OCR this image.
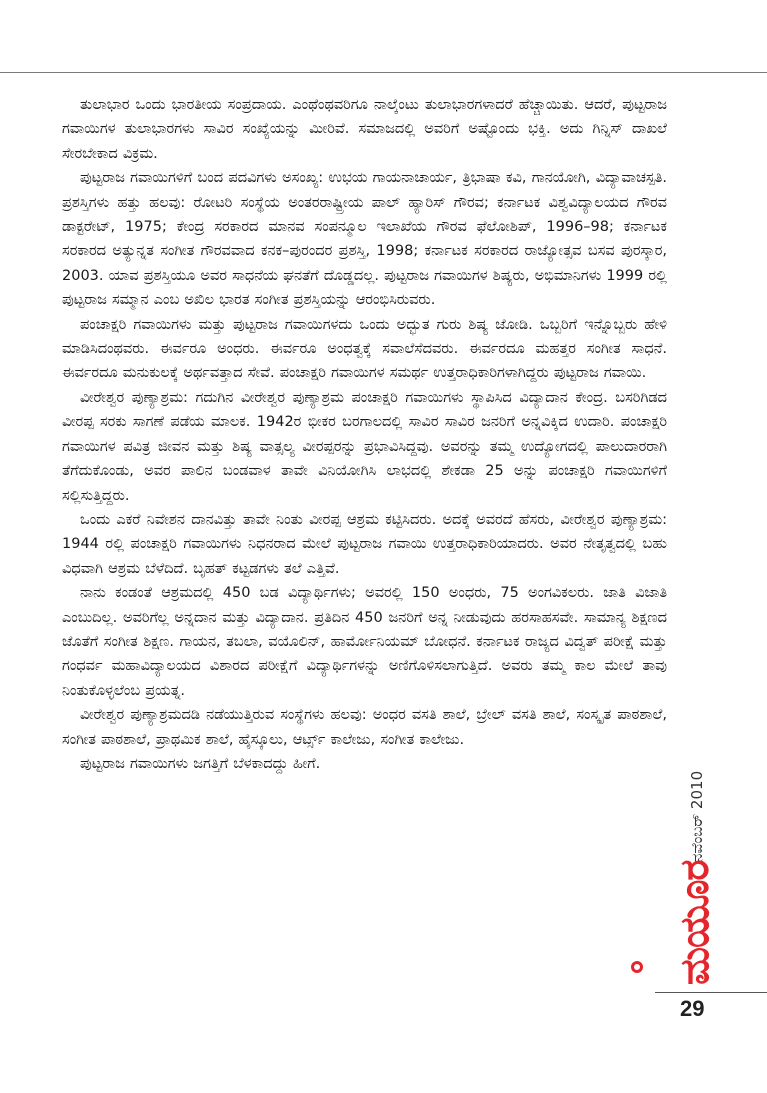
ತುಲಾಭಾರ ಒಂದು ಭಾರತೀಯ ಸಂಪ್ರದಾಯ. ಎಂಥೆಂಥವರಿಗೂ ನಾಲ್ಕೆಂಟು ತುಲಾಭಾರಗಳಾದರೆ ಹೆಚ್ಚಾಯಿತು. ಆದರೆ, ಪುಟ್ಟರಾಜ ಗವಾಯಿಗಳ ತುಲಾಭಾರಗಳು ಸಾವಿರ ಸಂಖ್ಯೆಯನ್ನು ಮೀರಿವೆ. ಸಮಾಜದಲ್ಲಿ ಅವರಿಗೆ ಅಷ್ಟೊಂದು ಭಕ್ತಿ. ಅದು ಗಿನ್ನಿಸ್ ದಾಖಲೆ ಸೇರಬೇಕಾದ ವಿಕ್ರಮ.

ಪುಟ್ಟರಾಜ ಗವಾಯಿಗಳಿಗೆ ಬಂದ ಪದವಿಗಳು ಅಸಂಖ್ಯ: ಉಭಯ ಗಾಯನಾಚಾರ್ಯ, ತ್ರಿಭಾಷಾ ಕವಿ, ಗಾನಯೋಗಿ, ವಿದ್ಯಾವಾಚಸ್ಪತಿ. ಪ್ರಶಸ್ತಿಗಳು ಹತ್ತು ಹಲವು: ರೋಟರಿ ಸಂಸ್ಥೆಯ ಅಂತರರಾಷ್ಟ್ರೀಯ ಪಾಲ್ ಹ್ಯಾರಿಸ್ ಗೌರವ; ಕರ್ನಾಟಕ ವಿಶ್ವವಿದ್ಯಾಲಯದ ಗೌರವ ಡಾಕ್ಟರೇಟ್, 1975; ಕೇಂದ್ರ ಸರಕಾರದ ಮಾನವ ಸಂಪನ್ಮೂಲ ಇಲಾಖೆಯ ಗೌರವ ಫೆಲೋಶಿಪ್, 1996–98; ಕರ್ನಾಟಕ ಸರಕಾರದ ಅತ್ಯುನ್ನತ ಸಂಗೀತ ಗೌರವವಾದ ಕನಕ–ಪುರಂದರ ಪ್ರಶಸ್ತಿ, 1998; ಕರ್ನಾಟಕ ಸರಕಾರದ ರಾಜ್ಯೋತ್ಸವ ಬಸವ ಪುರಸ್ಕಾರ, 2003. ಯಾವ ಪ್ರಶಸ್ತಿಯೂ ಅವರ ಸಾಧನೆಯ ಘನತೆಗೆ ದೊಡ್ಡದಲ್ಲ. ಪುಟ್ಟರಾಜ ಗವಾಯಿಗಳ ಶಿಷ್ಯರು, ಅಭಿಮಾನಿಗಳು 1999 ರಲ್ಲಿ ಪುಟ್ಟರಾಜ ಸಮ್ಮಾನ ಎಂಬ ಅಖಿಲ ಭಾರತ ಸಂಗೀತ ಪ್ರಶಸ್ತಿಯನ್ನು ಆರಂಭಿಸಿರುವರು.

ಪಂಚಾಕ್ಷರಿ ಗವಾಯಿಗಳು ಮತ್ತು ಪುಟ್ಟರಾಜ ಗವಾಯಿಗಳದು ಒಂದು ಅದ್ಭುತ ಗುರು ಶಿಷ್ಯ ಜೋಡಿ. ಒಬ್ಬರಿಗೆ ಇನ್ನೊಬ್ಬರು ಹೇಳಿ ಮಾಡಿಸಿದಂಥವರು. ಈರ್ವರೂ ಅಂಧರು. ಈರ್ವರೂ ಅಂಧತ್ವಕ್ಕೆ ಸವಾಲೆಸೆದವರು. ಈರ್ವರದೂ ಮಹತ್ತರ ಸಂಗೀತ ಸಾಧನೆ. ಈರ್ವರದೂ ಮನುಕುಲಕ್ಕೆ ಅರ್ಥವತ್ತಾದ ಸೇವೆ. ಪಂಚಾಕ್ಷರಿ ಗವಾಯಿಗಳ ಸಮರ್ಥ ಉತ್ತರಾಧಿಕಾರಿಗಳಾಗಿದ್ದರು ಪುಟ್ಟರಾಜ ಗವಾಯಿ.

ವೀರೇಶ್ವರ ಪುಣ್ಯಾಶ್ರಮ: ಗದುಗಿನ ವೀರೇಶ್ವರ ಪುಣ್ಯಾಶ್ರಮ ಪಂಚಾಕ್ಷರಿ ಗವಾಯಿಗಳು ಸ್ಥಾಪಿಸಿದ ವಿದ್ಯಾದಾನ ಕೇಂದ್ರ. ಬಸರಿಗಿಡದ ವೀರಪ್ಪ ಸರಕು ಸಾಗಣೆ ಪಡೆಯ ಮಾಲಕ. 1942ರ ಭೀಕರ ಬರಗಾಲದಲ್ಲಿ ಸಾವಿರ ಸಾವಿರ ಜನರಿಗೆ ಅನ್ನವಿಕ್ಕಿದ ಉದಾರಿ. ಪಂಚಾಕ್ಷರಿ ಗವಾಯಿಗಳ ಪವಿತ್ರ ಜೀವನ ಮತ್ತು ಶಿಷ್ಯ ವಾತ್ಸಲ್ಯ ವೀರಪ್ಪರನ್ನು ಪ್ರಭಾವಿಸಿದ್ದವು. ಅವರನ್ನು ತಮ್ಮ ಉದ್ಯೋಗದಲ್ಲಿ ಪಾಲುದಾರರಾಗಿ ತೆಗೆದುಕೊಂಡು, ಅವರ ಪಾಲಿನ ಬಂಡವಾಳ ತಾವೇ ವಿನಿಯೋಗಿಸಿ ಲಾಭದಲ್ಲಿ ಶೇಕಡಾ 25 ಅನ್ನು ಪಂಚಾಕ್ಷರಿ ಗವಾಯಿಗಳಿಗೆ ಸಲ್ಲಿಸುತ್ತಿದ್ದರು.

ಒಂದು ಎಕರೆ ನಿವೇಶನ ದಾನವಿತ್ತು ತಾವೇ ನಿಂತು ವೀರಪ್ಪ ಆಶ್ರಮ ಕಟ್ಟಿಸಿದರು. ಅದಕ್ಕೆ ಅವರದೆ ಹೆಸರು, ವೀರೇಶ್ವರ ಪುಣ್ಯಾಶ್ರಮ: 1944 ರಲ್ಲಿ ಪಂಚಾಕ್ಷರಿ ಗವಾಯಿಗಳು ನಿಧನರಾದ ಮೇಲೆ ಪುಟ್ಟರಾಜ ಗವಾಯಿ ಉತ್ತರಾಧಿಕಾರಿಯಾದರು. ಅವರ ನೇತೃತ್ವದಲ್ಲಿ ಬಹು ವಿಧವಾಗಿ ಆಶ್ರಮ ಬೆಳೆದಿದೆ. ಬೃಹತ್ ಕಟ್ಟಡಗಳು ತಲೆ ಎತ್ತಿವೆ.

ನಾನು ಕಂಡಂತೆ ಆಶ್ರಮದಲ್ಲಿ 450 ಬಡ ವಿದ್ಯಾರ್ಥಿಗಳು; ಅವರಲ್ಲಿ 150 ಅಂಧರು, 75 ಅಂಗವಿಕಲರು. ಜಾತಿ ವಿಜಾತಿ ಎಂಬುದಿಲ್ಲ. ಅವರಿಗೆಲ್ಲ ಅನ್ನದಾನ ಮತ್ತು ವಿದ್ಯಾದಾನ. ಪ್ರತಿದಿನ 450 ಜನರಿಗೆ ಅನ್ನ ನೀಡುವುದು ಹರಸಾಹಸವೇ. ಸಾಮಾನ್ಯ ಶಿಕ್ಷಣದ ಜೊತೆಗೆ ಸಂಗೀತ ಶಿಕ್ಷಣ. ಗಾಯನ, ತಬಲಾ, ವಯೊಲಿನ್, ಹಾರ್ಮೋನಿಯಮ್ ಬೋಧನೆ. ಕರ್ನಾಟಕ ರಾಜ್ಯದ ವಿದ್ವತ್ ಪರೀಕ್ಷೆ ಮತ್ತು ಗಂಧರ್ವ ಮಹಾವಿದ್ಯಾಲಯದ ವಿಶಾರದ ಪರೀಕ್ಷೆಗೆ ವಿದ್ಯಾರ್ಥಿಗಳನ್ನು ಅಣಿಗೊಳಿಸಲಾಗುತ್ತಿದೆ. ಅವರು ತಮ್ಮ ಕಾಲ ಮೇಲೆ ತಾವು ನಿಂತುಕೊಳ್ಳಲೆಂಬ ಪ್ರಯತ್ನ.

ವೀರೇಶ್ವರ ಪುಣ್ಯಾಶ್ರಮದಡಿ ನಡೆಯುತ್ತಿರುವ ಸಂಸ್ಥೆಗಳು ಹಲವು: ಅಂಧರ ವಸತಿ ಶಾಲೆ, ಬ್ರೇಲ್ ವಸತಿ ಶಾಲೆ, ಸಂಸ್ಕೃತ ಪಾಠಶಾಲೆ, ಸಂಗೀತ ಪಾಠಶಾಲೆ, ಪ್ರಾಥಮಿಕ ಶಾಲೆ, ಹೈಸ್ಕೂಲು, ಆರ್ಟ್ಸ್ ಕಾಲೇಜು, ಸಂಗೀತ ಕಾಲೇಜು.

ಪುಟ್ಟರಾಜ ಗವಾಯಿಗಳು ಜಗತ್ತಿಗೆ ಬೆಳಕಾದದ್ದು ಹೀಗೆ.

ನವೆಂಬರ್ 2010
ಮಯೂರ
29
